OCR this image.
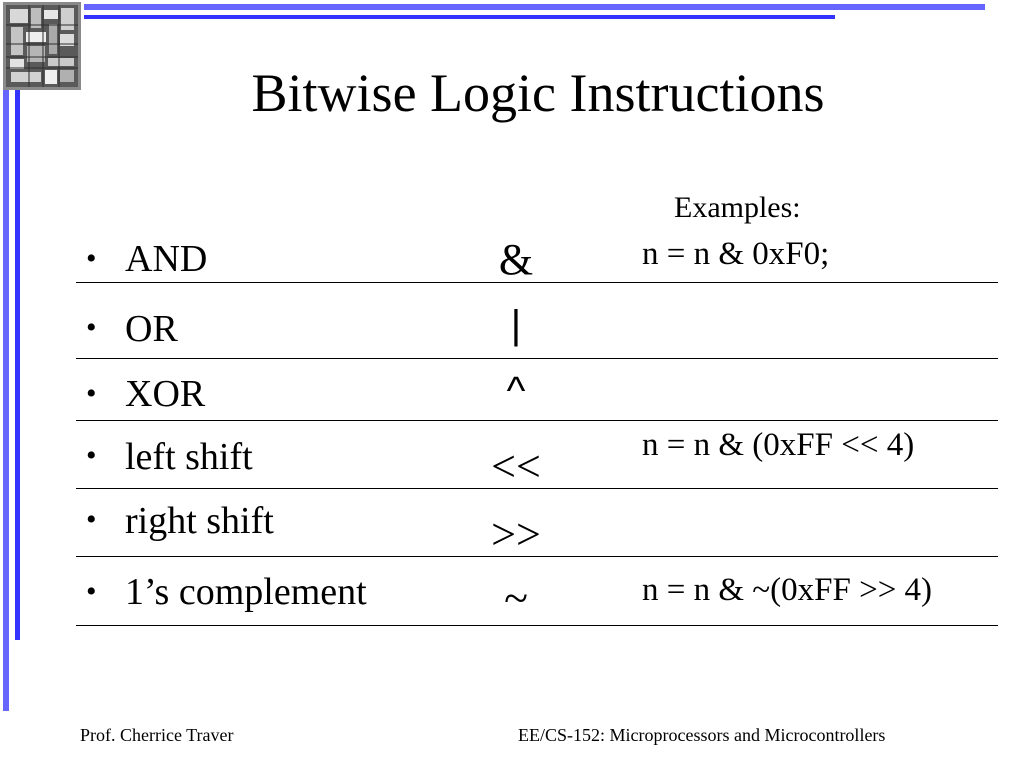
Bitwise Logic Instructions
Examples:
• AND	&	n = n & 0xF0;
• OR	|
• XOR	^
• left shift	<<	n = n & (0xFF << 4)
• right shift	>>
• 1’s complement	~	n = n & ~(0xFF >> 4)
Prof. Cherrice Traver	EE/CS-152: Microprocessors and Microcontrollers
